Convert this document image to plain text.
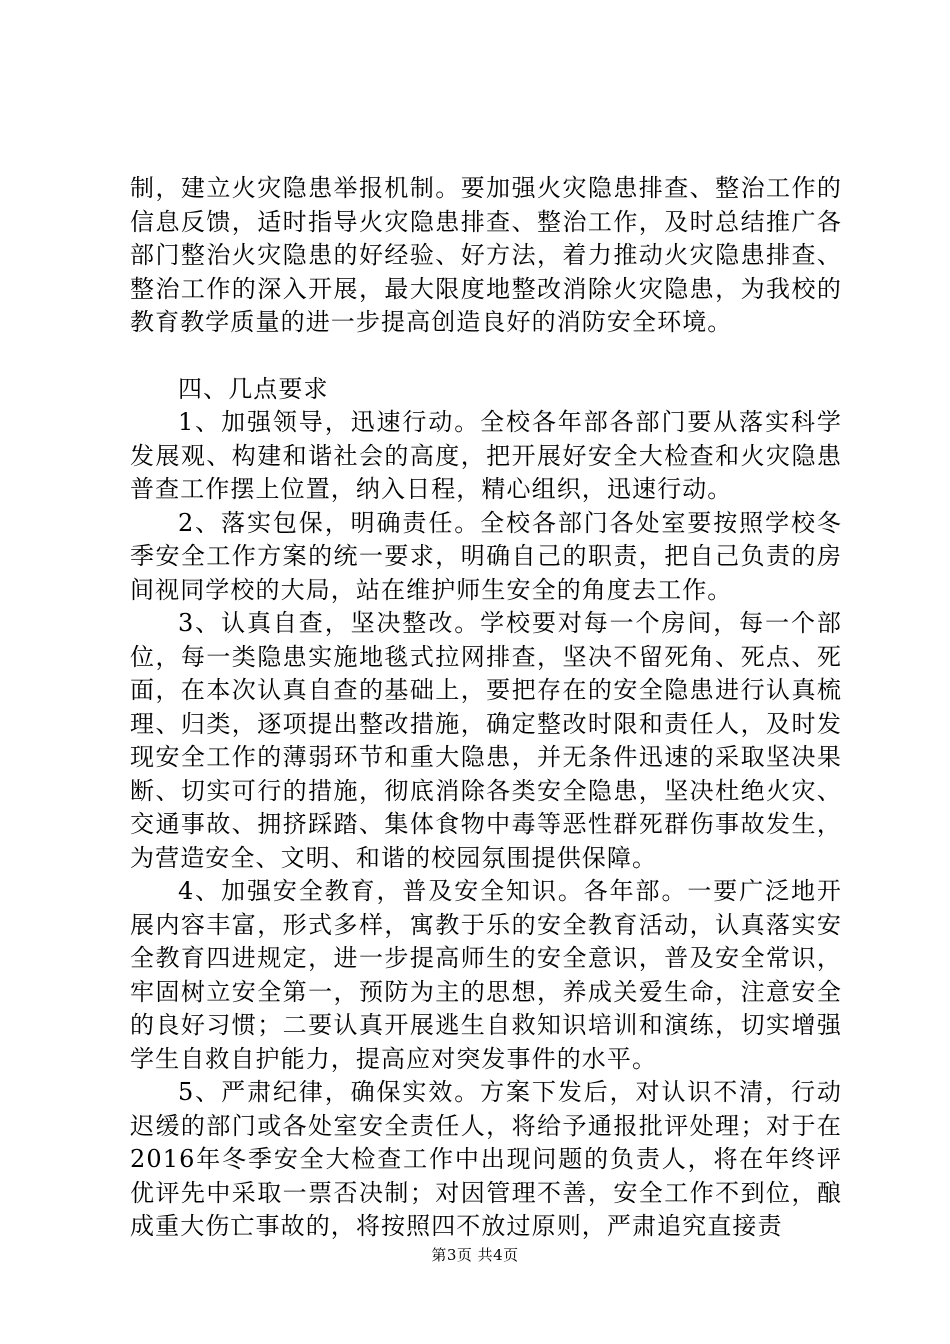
制，建立火灾隐患举报机制。要加强火灾隐患排查、整治工作的信息反馈，适时指导火灾隐患排查、整治工作，及时总结推广各部门整治火灾隐患的好经验、好方法，着力推动火灾隐患排查、整治工作的深入开展，最大限度地整改消除火灾隐患，为我校的教育教学质量的进一步提高创造良好的消防安全环境。

四、几点要求

1、加强领导，迅速行动。全校各年部各部门要从落实科学发展观、构建和谐社会的高度，把开展好安全大检查和火灾隐患普查工作摆上位置，纳入日程，精心组织，迅速行动。

2、落实包保，明确责任。全校各部门各处室要按照学校冬季安全工作方案的统一要求，明确自己的职责，把自己负责的房间视同学校的大局，站在维护师生安全的角度去工作。

3、认真自查，坚决整改。学校要对每一个房间，每一个部位，每一类隐患实施地毯式拉网排查，坚决不留死角、死点、死面，在本次认真自查的基础上，要把存在的安全隐患进行认真梳理、归类，逐项提出整改措施，确定整改时限和责任人，及时发现安全工作的薄弱环节和重大隐患，并无条件迅速的采取坚决果断、切实可行的措施，彻底消除各类安全隐患，坚决杜绝火灾、交通事故、拥挤踩踏、集体食物中毒等恶性群死群伤事故发生，为营造安全、文明、和谐的校园氛围提供保障。

4、加强安全教育，普及安全知识。各年部。一要广泛地开展内容丰富，形式多样，寓教于乐的安全教育活动，认真落实安全教育四进规定，进一步提高师生的安全意识，普及安全常识，牢固树立安全第一，预防为主的思想，养成关爱生命，注意安全的良好习惯；二要认真开展逃生自救知识培训和演练，切实增强学生自救自护能力，提高应对突发事件的水平。

5、严肃纪律，确保实效。方案下发后，对认识不清，行动迟缓的部门或各处室安全责任人，将给予通报批评处理；对于在2016年冬季安全大检查工作中出现问题的负责人，将在年终评优评先中采取一票否决制；对因管理不善，安全工作不到位，酿成重大伤亡事故的，将按照四不放过原则，严肃追究直接责

第3页 共4页
